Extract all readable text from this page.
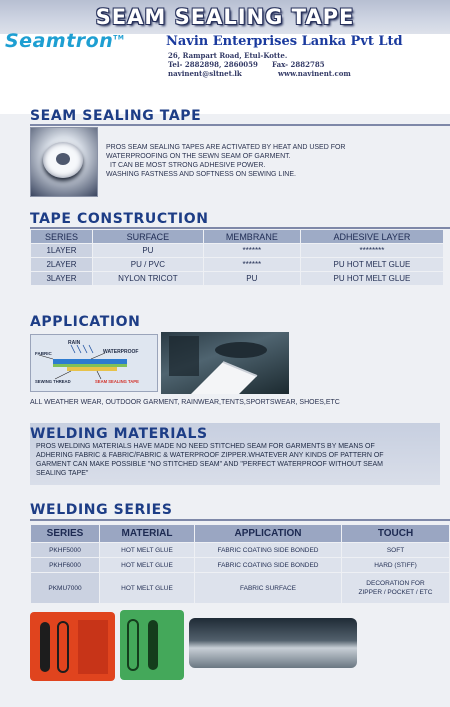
SEAM SEALING TAPE
Seamtron™	Navin Enterprises Lanka Pvt Ltd
26, Rampart Road, Etul-Kotte.
Tel- 2882898, 2860059 Fax- 2882785
navinent@sltnet.lk	www.navinent.com
SEAM SEALING TAPE
PROS SEAM SEALING TAPES ARE ACTIVATED BY HEAT AND USED FOR
WATERPROOFING ON THE SEWN SEAM OF GARMENT.
IT CAN BE MOST STRONG ADHESIVE POWER.
WASHING FASTNESS AND SOFTNESS ON SEWING LINE.
TAPE CONSTRUCTION
SERIES	SURFACE	MEMBRANE	ADHESIVE LAYER
1LAYER	PU	******	********
2LAYER	PU / PVC	******	PU HOT MELT GLUE
3LAYER	NYLON TRICOT	PU	PU HOT MELT GLUE
APPLICATION
RAIN
FABRIC	WATERPROOF
SEWING THREAD	SEAM SEALING TAPE
ALL WEATHER WEAR, OUTDOOR GARMENT, RAINWEAR,TENTS,SPORTSWEAR, SHOES,ETC
WELDING MATERIALS
PROS WELDING MATERIALS HAVE MADE NO NEED STITCHED SEAM FOR GARMENTS BY MEANS OF
ADHERING FABRIC & FABRIC/FABRIC & WATERPROOF ZIPPER.WHATEVER ANY KINDS OF PATTERN OF
GARMENT CAN MAKE POSSIBLE "NO STITCHED SEAM" AND "PERFECT WATERPROOF WITHOUT SEAM
SEALING TAPE"
WELDING SERIES
SERIES	MATERIAL	APPLICATION	TOUCH
PKHF5000	HOT MELT GLUE	FABRIC COATING SIDE BONDED	SOFT
PKHF6000	HOT MELT GLUE	FABRIC COATING SIDE BONDED	HARD (STIFF)
PKMU7000	HOT MELT GLUE	FABRIC SURFACE	DECORATION FOR
ZIPPER / POCKET / ETC
